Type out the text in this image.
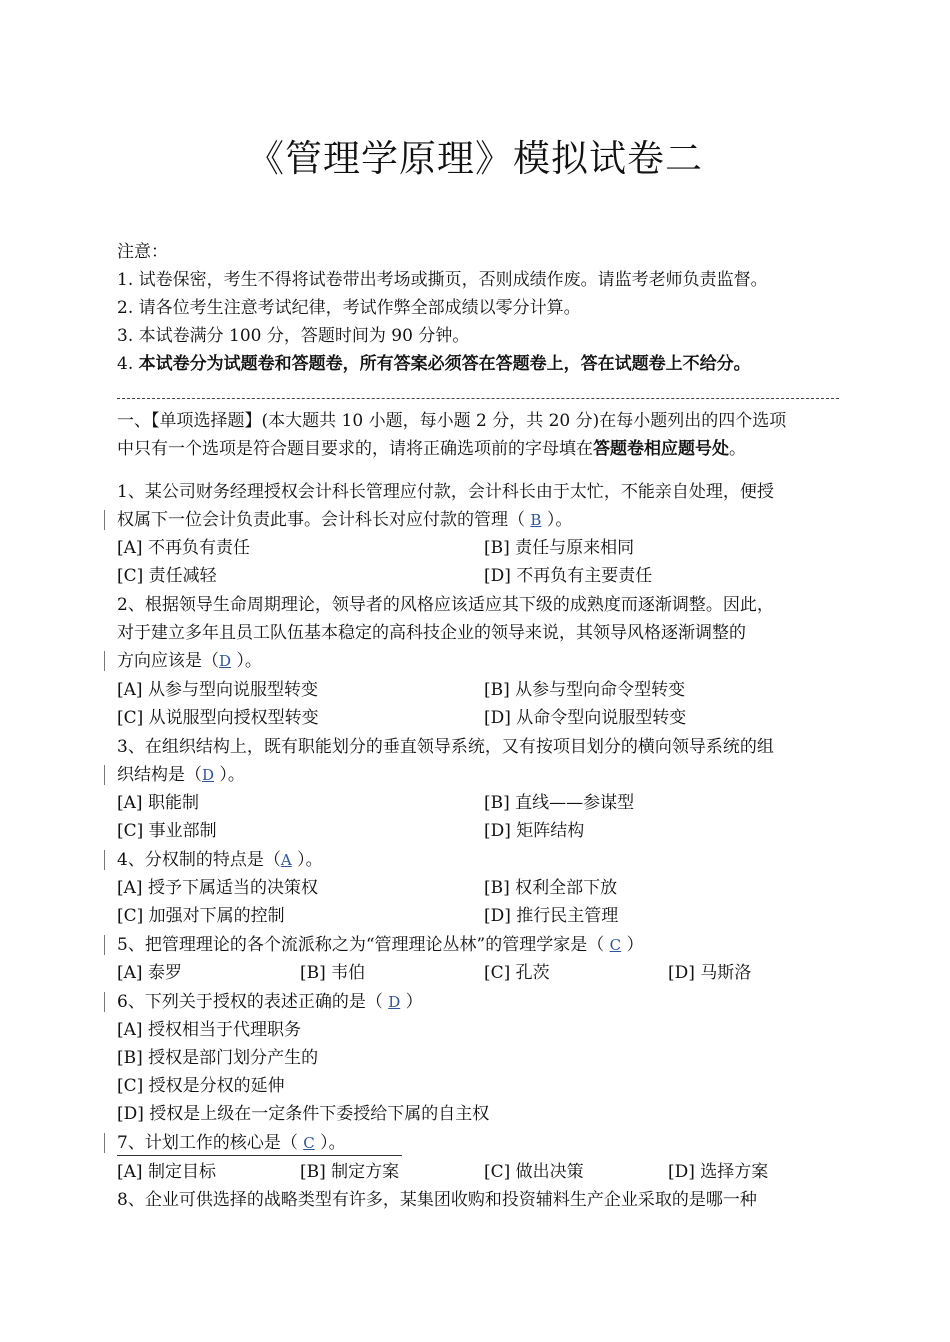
《管理学原理》模拟试卷二
注意：
1. 试卷保密，考生不得将试卷带出考场或撕页，否则成绩作废。请监考老师负责监督。
2. 请各位考生注意考试纪律，考试作弊全部成绩以零分计算。
3. 本试卷满分 100 分，答题时间为 90 分钟。
4. 本试卷分为试题卷和答题卷，所有答案必须答在答题卷上，答在试题卷上不给分。
一、【单项选择题】(本大题共 10 小题，每小题 2 分，共 20 分)在每小题列出的四个选项
中只有一个选项是符合题目要求的，请将正确选项前的字母填在答题卷相应题号处。
1、某公司财务经理授权会计科长管理应付款，会计科长由于太忙，不能亲自处理，便授
权属下一位会计负责此事。会计科长对应付款的管理（ B ）。
[A] 不再负有责任	[B] 责任与原来相同
[C] 责任减轻	[D] 不再负有主要责任
2、根据领导生命周期理论，领导者的风格应该适应其下级的成熟度而逐渐调整。因此，
对于建立多年且员工队伍基本稳定的高科技企业的领导来说，其领导风格逐渐调整的
方向应该是（D ）。
[A] 从参与型向说服型转变	[B] 从参与型向命令型转变
[C] 从说服型向授权型转变	[D] 从命令型向说服型转变
3、在组织结构上，既有职能划分的垂直领导系统，又有按项目划分的横向领导系统的组
织结构是（D ）。
[A] 职能制	[B] 直线——参谋型
[C] 事业部制	[D] 矩阵结构
4、分权制的特点是（A ）。
[A] 授予下属适当的决策权	[B] 权利全部下放
[C] 加强对下属的控制	[D] 推行民主管理
5、把管理理论的各个流派称之为“管理理论丛林”的管理学家是（ C ）
[A] 泰罗	[B] 韦伯	[C] 孔茨	[D] 马斯洛
6、下列关于授权的表述正确的是（ D ）
[A] 授权相当于代理职务
[B] 授权是部门划分产生的
[C] 授权是分权的延伸
[D] 授权是上级在一定条件下委授给下属的自主权
7、计划工作的核心是（ C ）。
[A] 制定目标	[B] 制定方案	[C] 做出决策	[D] 选择方案
8、企业可供选择的战略类型有许多，某集团收购和投资辅料生产企业采取的是哪一种
